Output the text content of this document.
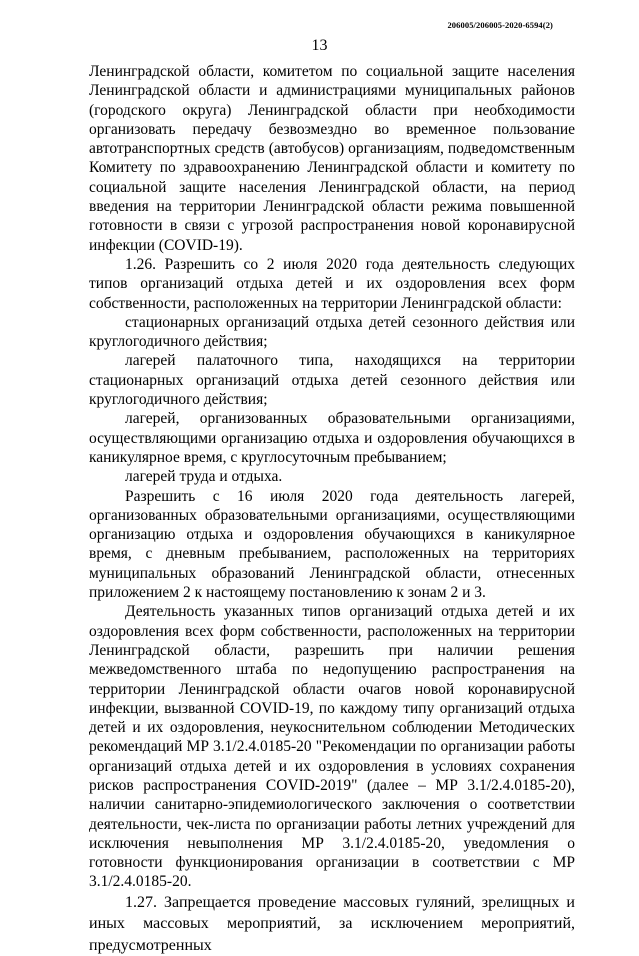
206005/206005-2020-6594(2)
13

Ленинградской области, комитетом по социальной защите населения Ленинградской области и администрациями муниципальных районов (городского округа) Ленинградской области при необходимости организовать передачу безвозмездно во временное пользование автотранспортных средств (автобусов) организациям, подведомственным Комитету по здравоохранению Ленинградской области и комитету по социальной защите населения Ленинградской области, на период введения на территории Ленинградской области режима повышенной готовности в связи с угрозой распространения новой коронавирусной инфекции (COVID-19).

1.26. Разрешить со 2 июля 2020 года деятельность следующих типов организаций отдыха детей и их оздоровления всех форм собственности, расположенных на территории Ленинградской области:

стационарных организаций отдыха детей сезонного действия или круглогодичного действия;

лагерей палаточного типа, находящихся на территории стационарных организаций отдыха детей сезонного действия или круглогодичного действия;

лагерей, организованных образовательными организациями, осуществляющими организацию отдыха и оздоровления обучающихся в каникулярное время, с круглосуточным пребыванием;

лагерей труда и отдыха.

Разрешить с 16 июля 2020 года деятельность лагерей, организованных образовательными организациями, осуществляющими организацию отдыха и оздоровления обучающихся в каникулярное время, с дневным пребыванием, расположенных на территориях муниципальных образований Ленинградской области, отнесенных приложением 2 к настоящему постановлению к зонам 2 и 3.

Деятельность указанных типов организаций отдыха детей и их оздоровления всех форм собственности, расположенных на территории Ленинградской области, разрешить при наличии решения межведомственного штаба по недопущению распространения на территории Ленинградской области очагов новой коронавирусной инфекции, вызванной COVID-19, по каждому типу организаций отдыха детей и их оздоровления, неукоснительном соблюдении Методических рекомендаций МР 3.1/2.4.0185-20 "Рекомендации по организации работы организаций отдыха детей и их оздоровления в условиях сохранения рисков распространения COVID-2019" (далее – МР 3.1/2.4.0185-20), наличии санитарно-эпидемиологического заключения о соответствии деятельности, чек-листа по организации работы летних учреждений для исключения невыполнения МР 3.1/2.4.0185-20, уведомления о готовности функционирования организации в соответствии с МР 3.1/2.4.0185-20.

1.27. Запрещается проведение массовых гуляний, зрелищных и иных массовых мероприятий, за исключением мероприятий, предусмотренных
